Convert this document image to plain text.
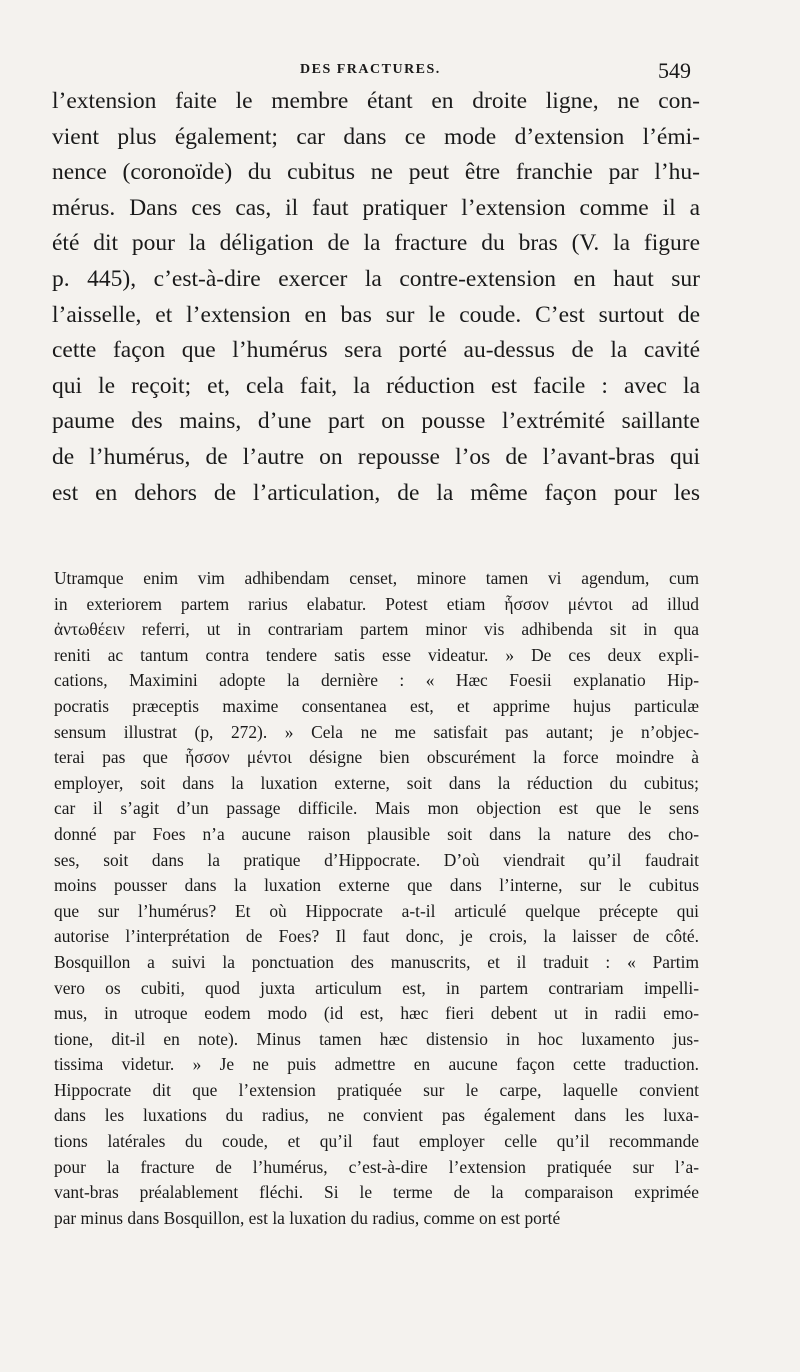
DES FRACTURES.	549
l’extension faite le membre étant en droite ligne, ne con-
vient plus également; car dans ce mode d’extension l’émi-
nence (coronoïde) du cubitus ne peut être franchie par l’hu-
mérus. Dans ces cas, il faut pratiquer l’extension comme il a
été dit pour la déligation de la fracture du bras (V. la figure
p. 445), c’est-à-dire exercer la contre-extension en haut sur
l’aisselle, et l’extension en bas sur le coude. C’est surtout de
cette façon que l’humérus sera porté au-dessus de la cavité
qui le reçoit; et, cela fait, la réduction est facile : avec la
paume des mains, d’une part on pousse l’extrémité saillante
de l’humérus, de l’autre on repousse l’os de l’avant-bras qui
est en dehors de l’articulation, de la même façon pour les
Utramque enim vim adhibendam censet, minore tamen vi agendum, cum
in exteriorem partem rarius elabatur. Potest etiam ἧσσον μέντοι ad illud
ἀντωθέειν referri, ut in contrariam partem minor vis adhibenda sit in qua
reniti ac tantum contra tendere satis esse videatur. » De ces deux expli-
cations, Maximini adopte la dernière : « Hæc Foesii explanatio Hip-
pocratis præceptis maxime consentanea est, et apprime hujus particulæ
sensum illustrat (p, 272). » Cela ne me satisfait pas autant; je n’objec-
terai pas que ἧσσον μέντοι désigne bien obscurément la force moindre à
employer, soit dans la luxation externe, soit dans la réduction du cubitus;
car il s’agit d’un passage difficile. Mais mon objection est que le sens
donné par Foes n’a aucune raison plausible soit dans la nature des cho-
ses, soit dans la pratique d’Hippocrate. D’où viendrait qu’il faudrait
moins pousser dans la luxation externe que dans l’interne, sur le cubitus
que sur l’humérus? Et où Hippocrate a-t-il articulé quelque précepte qui
autorise l’interprétation de Foes? Il faut donc, je crois, la laisser de côté.
Bosquillon a suivi la ponctuation des manuscrits, et il traduit : « Partim
vero os cubiti, quod juxta articulum est, in partem contrariam impelli-
mus, in utroque eodem modo (id est, hæc fieri debent ut in radii emo-
tione, dit-il en note). Minus tamen hæc distensio in hoc luxamento jus-
tissima videtur. » Je ne puis admettre en aucune façon cette traduction.
Hippocrate dit que l’extension pratiquée sur le carpe, laquelle convient
dans les luxations du radius, ne convient pas également dans les luxa-
tions latérales du coude, et qu’il faut employer celle qu’il recommande
pour la fracture de l’humérus, c’est-à-dire l’extension pratiquée sur l’a-
vant-bras préalablement fléchi. Si le terme de la comparaison exprimée
par minus dans Bosquillon, est la luxation du radius, comme on est porté
